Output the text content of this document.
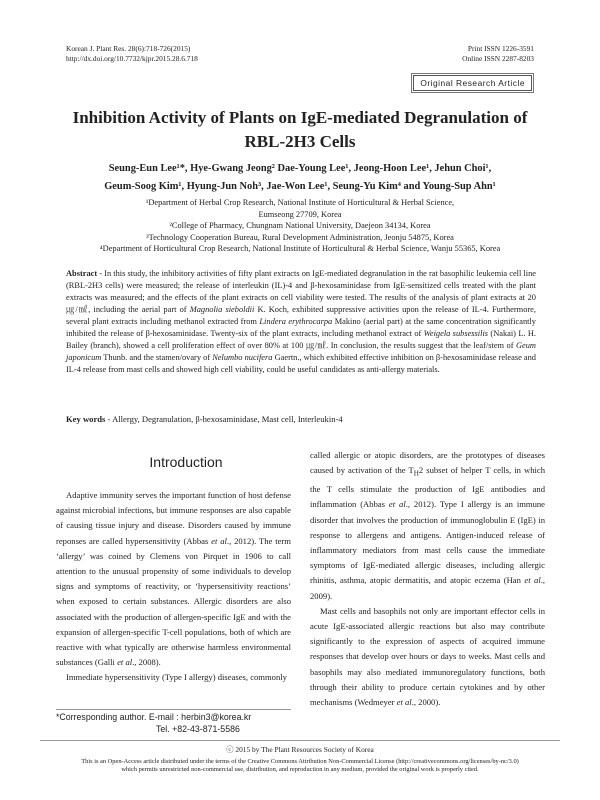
Korean J. Plant Res. 28(6):718-726(2015)
http://dx.doi.org/10.7732/kjpr.2015.28.6.718
Print ISSN 1226-3591
Online ISSN 2287-8203
Original Research Article
Inhibition Activity of Plants on IgE-mediated Degranulation of
RBL-2H3 Cells
Seung-Eun Lee¹*, Hye-Gwang Jeong² Dae-Young Lee¹, Jeong-Hoon Lee¹, Jehun Choi¹,
Geum-Soog Kim¹, Hyung-Jun Noh³, Jae-Won Lee¹, Seung-Yu Kim⁴ and Young-Sup Ahn¹
¹Department of Herbal Crop Research, National Institute of Horticultural & Herbal Science,
Eumseong 27709, Korea
²College of Pharmacy, Chungnam National University, Daejeon 34134, Korea
³Technology Cooperation Bureau, Rural Development Administration, Jeonju 54875, Korea
⁴Department of Horticultural Crop Research, National Institute of Horticultural & Herbal Science, Wanju 55365, Korea
Abstract - In this study, the inhibitory activities of fifty plant extracts on IgE-mediated degranulation in the rat basophilic leukemia cell line (RBL-2H3 cells) were measured; the release of interleukin (IL)-4 and β-hexosaminidase from IgE-sensitized cells treated with the plant extracts was measured; and the effects of the plant extracts on cell viability were tested. The results of the analysis of plant extracts at 20 ㎍/㎖, including the aerial part of Magnolia sieboldii K. Koch, exhibited suppressive activities upon the release of IL-4. Furthermore, several plant extracts including methanol extracted from Lindera erythrocarpa Makino (aerial part) at the same concentration significantly inhibited the release of β-hexosaminidase. Twenty-six of the plant extracts, including methanol extract of Weigela subsessilis (Nakai) L. H. Bailey (branch), showed a cell proliferation effect of over 80% at 100 ㎍/㎖. In conclusion, the results suggest that the leaf/stem of Geum japonicum Thunb. and the stamen/ovary of Nelumbo nucifera Gaertn., which exhibited effective inhibition on β-hexosaminidase release and IL-4 release from mast cells and showed high cell viability, could be useful candidates as anti-allergy materials.
Key words - Allergy, Degranulation, β-hexosaminidase, Mast cell, Interleukin-4
Introduction

Adaptive immunity serves the important function of host defense against microbial infections, but immune responses are also capable of causing tissue injury and disease. Disorders caused by immune reponses are called hypersensitivity (Abbas et al., 2012). The term ‘allergy’ was coined by Clemens von Pirquet in 1906 to call attention to the unusual propensity of some individuals to develop signs and symptoms of reactivity, or ‘hypersensitivity reactions’ when exposed to certain substances. Allergic disorders are also associated with the production of allergen-specific IgE and with the expansion of allergen-specific T-cell populations, both of which are reactive with what typically are otherwise harmless environmental substances (Galli et al., 2008).

Immediate hypersensitivity (Type I allergy) diseases, commonly

called allergic or atopic disorders, are the prototypes of diseases caused by activation of the $T_H2$ subset of helper T cells, in which the T cells stimulate the production of IgE antibodies and inflammation (Abbas et al., 2012). Type I allergy is an immune disorder that involves the production of immunoglobulin E (IgE) in response to allergens and antigens. Antigen-induced release of inflammatory mediators from mast cells cause the immediate symptoms of IgE-mediated allergic diseases, including allergic rhinitis, asthma, atopic dermatitis, and atopic eczema (Han et al., 2009).

Mast cells and basophils not only are important effector cells in acute IgE-associated allergic reactions but also may contribute significantly to the expression of aspects of acquired immune responses that develop over hours or days to weeks. Mast cells and basophils may also mediated immunoregulatory functions, both through their ability to produce certain cytokines and by other mechanisms (Wedmeyer et al., 2000).

*Corresponding author. E-mail : herbin3@korea.kr
Tel. +82-43-871-5586
ⓒ 2015 by The Plant Resources Society of Korea
This is an Open-Access article distributed under the terms of the Creative Commons Attribution Non-Commercial License (http://creativecommons.org/licenses/by-nc/3.0)
which permits unrestricted non-commercial use, distribution, and reproduction in any medium, provided the original work is properly cited.
